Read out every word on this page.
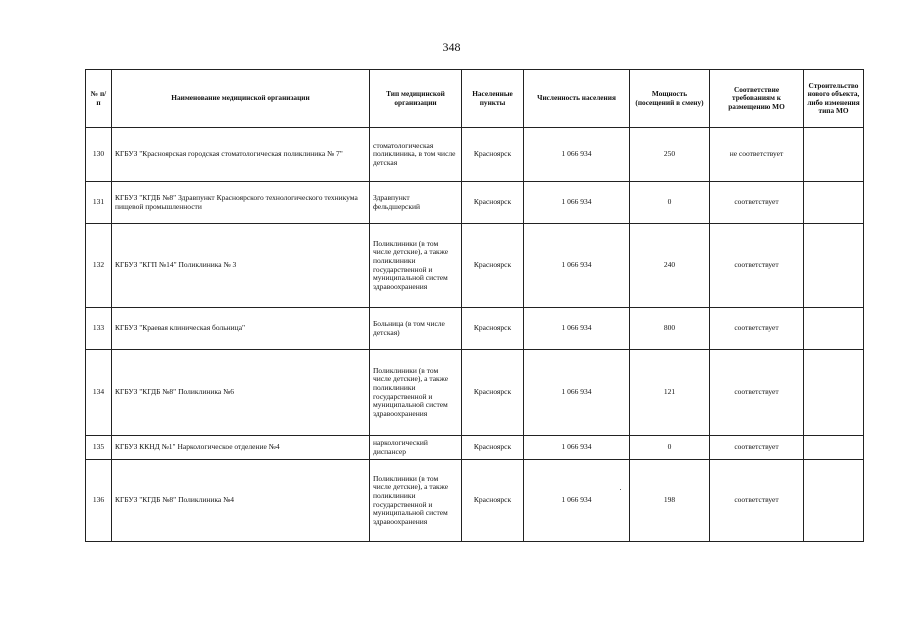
348
№ п/п	Наименование медицинской организации	Тип медицинской организации	Населенные пункты	Численность населения	Мощность (посещений в смену)	Соответствие требованиям к размещению МО	Строительство нового объекта, либо изменения типа МО
130	КГБУЗ "Красноярская городская стоматологическая поликлиника № 7"	стоматологическая поликлиника, в том числе детская	Красноярск	1 066 934	250	не соответствует	
131	КГБУЗ "КГДБ №8" Здравпункт Красноярского технологического техникума пищевой промышленности	Здравпункт фельдшерский	Красноярск	1 066 934	0	соответствует	
132	КГБУЗ "КГП №14" Поликлиника № 3	Поликлиники (в том числе детские), а также поликлиники государственной и муниципальной систем здравоохранения	Красноярск	1 066 934	240	соответствует	
133	КГБУЗ "Краевая клиническая больница"	Больница (в том числе детская)	Красноярск	1 066 934	800	соответствует	
134	КГБУЗ "КГДБ №8" Поликлиника №6	Поликлиники (в том числе детские), а также поликлиники государственной и муниципальной систем здравоохранения	Красноярск	1 066 934	121	соответствует	
135	КГБУЗ ККНД №1" Наркологическое отделение №4	наркологический диспансер	Красноярск	1 066 934	0	соответствует	
136	КГБУЗ "КГДБ №8" Поликлиника №4	Поликлиники (в том числе детские), а также поликлиники государственной и муниципальной систем здравоохранения	Красноярск	1 066 934	198	соответствует	
